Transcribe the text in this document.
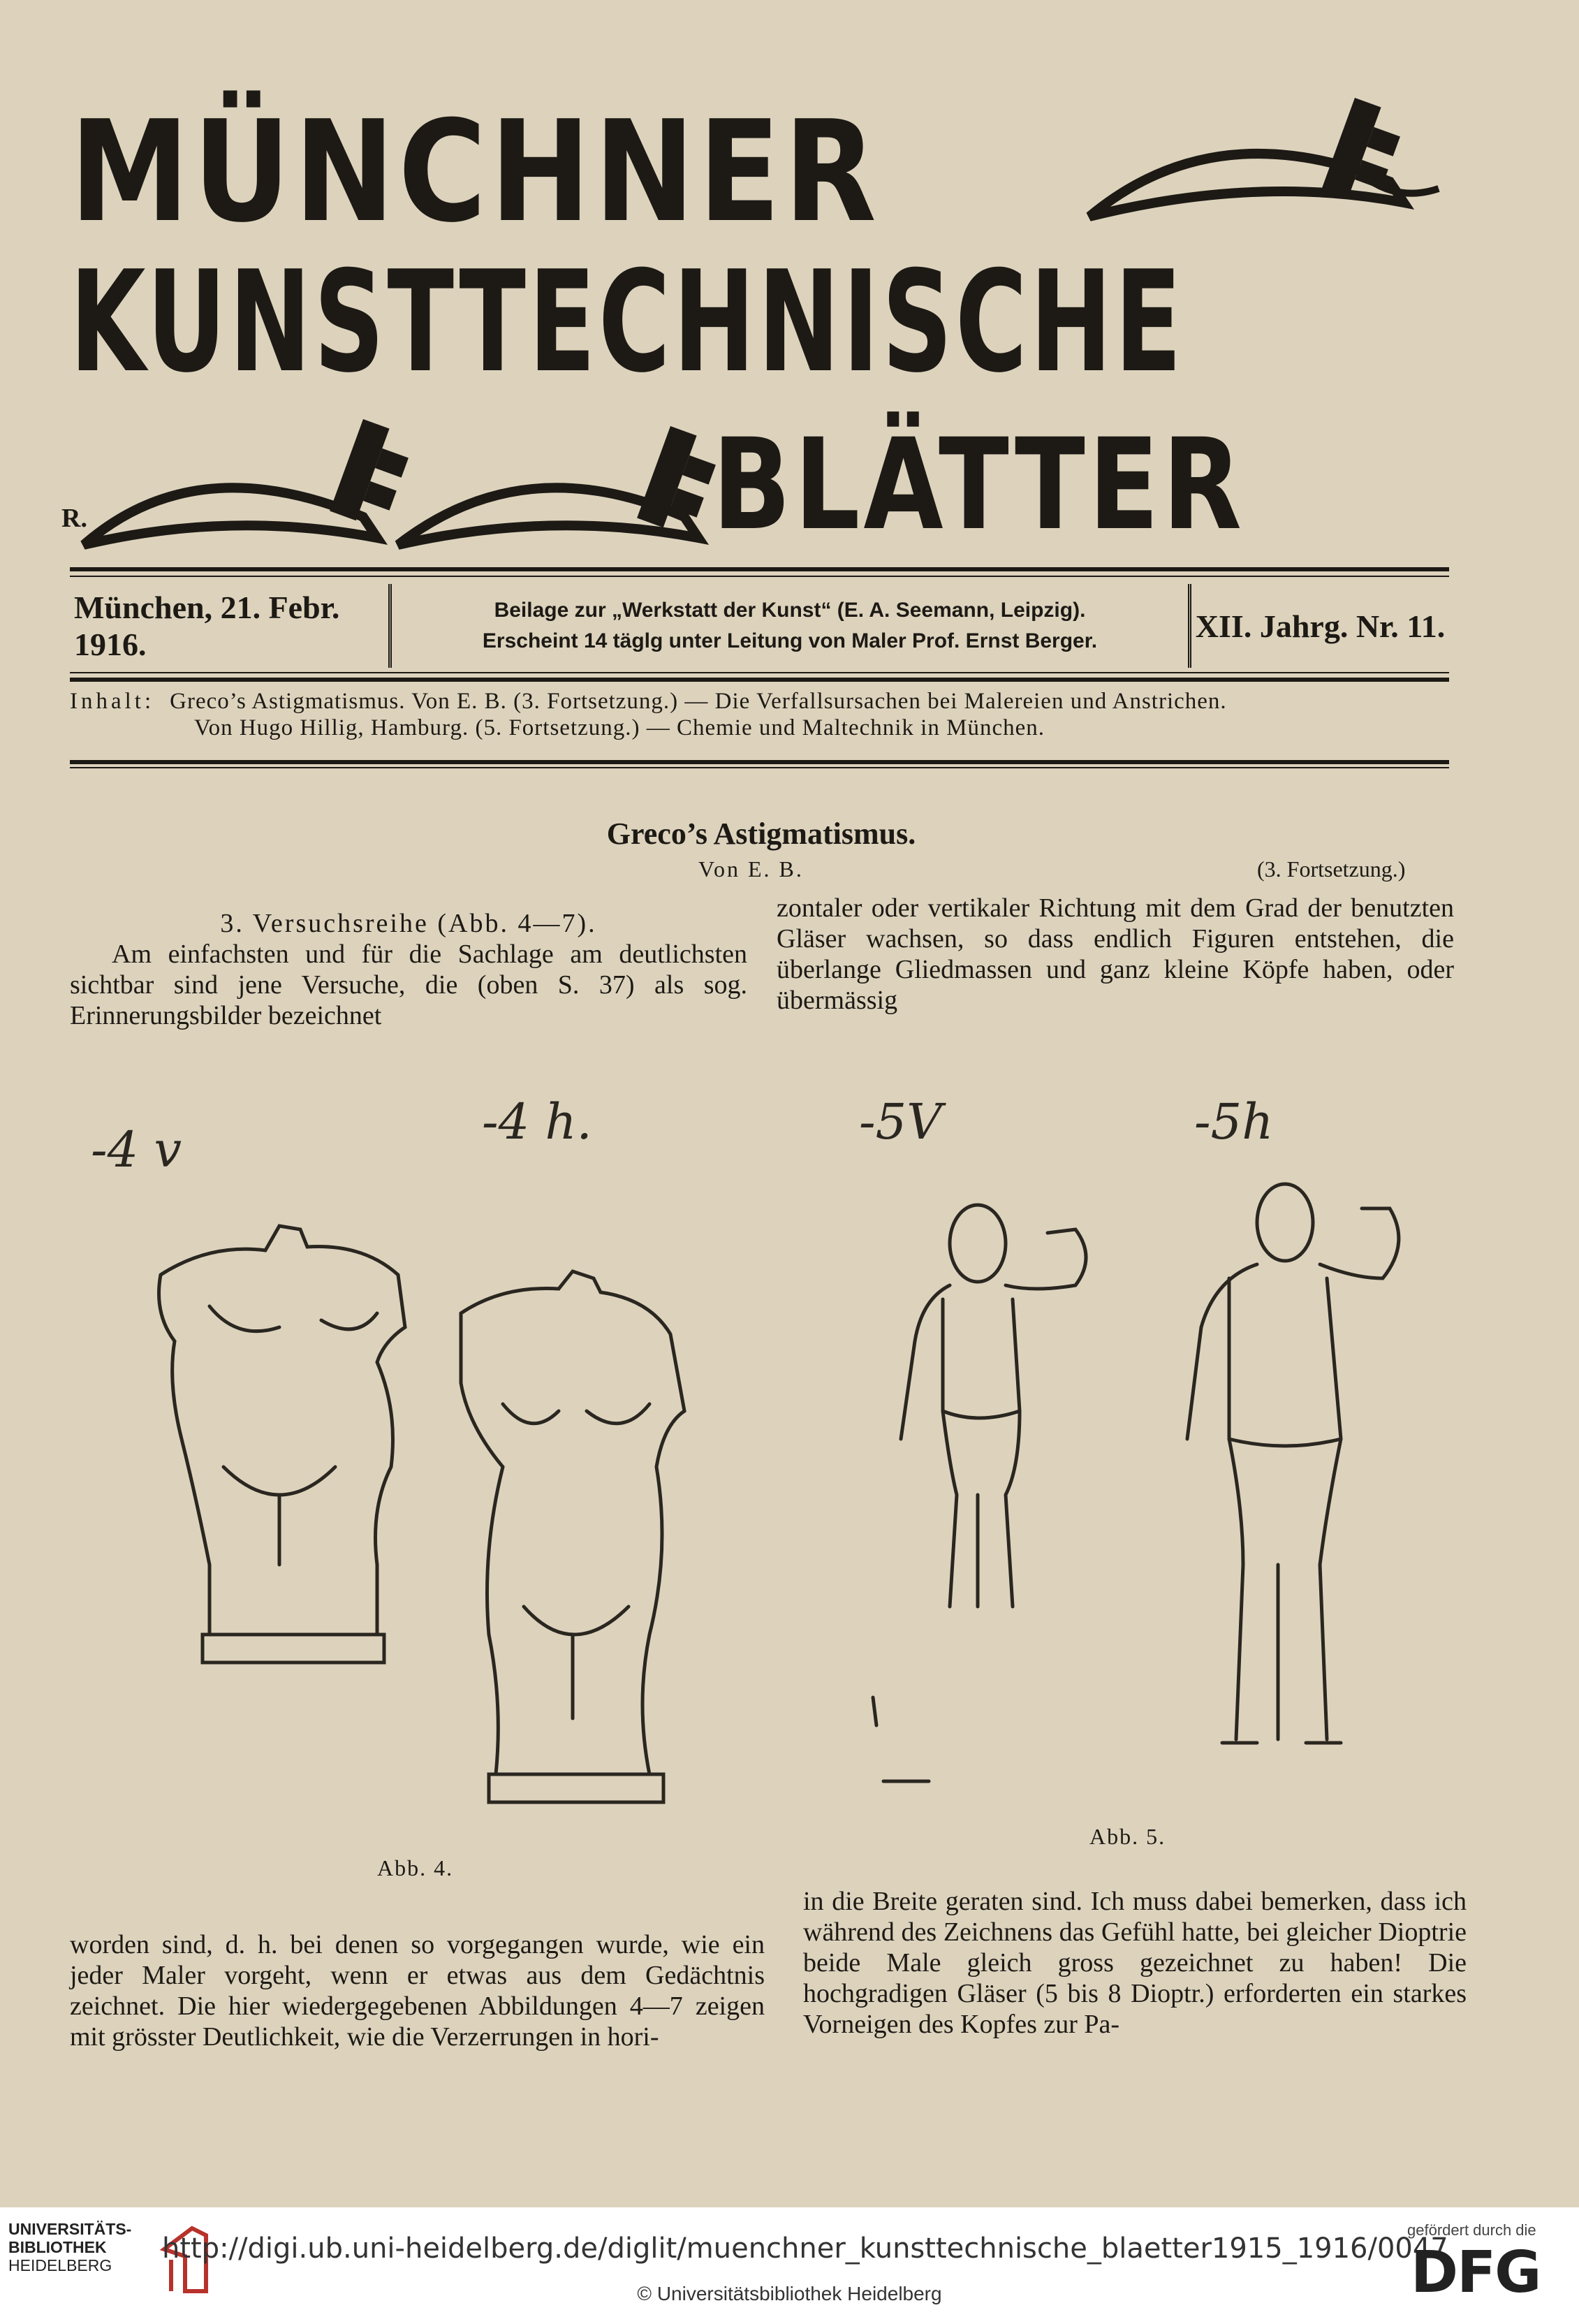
MÜNCHNER
KUNSTTECHNISCHE
BLÄTTER
R.
München, 21. Febr. 1916.
Beilage zur „Werkstatt der Kunst“ (E. A. Seemann, Leipzig).
Erscheint 14 täglg unter Leitung von Maler Prof. Ernst Berger.	XII. Jahrg. Nr. 11.
Inhalt: Greco’s Astigmatismus. Von E. B. (3. Fortsetzung.) — Die Verfallsursachen bei Malereien und Anstrichen.
Von Hugo Hillig, Hamburg. (5. Fortsetzung.) — Chemie und Maltechnik in München.
Greco’s Astigmatismus.
Von E. B.	(3. Fortsetzung.)

3. Versuchsreihe (Abb. 4—7).

Am einfachsten und für die Sachlage am deutlichsten sichtbar sind jene Versuche, die (oben S. 37) als sog. Erinnerungsbilder bezeichnet

zontaler oder vertikaler Richtung mit dem Grad der benutzten Gläser wachsen, so dass endlich Figuren entstehen, die überlange Gliedmassen und ganz kleine Köpfe haben, oder übermässig

-4 v	-4 h.	-5V	-5h
Abb. 4.
Abb. 5.

worden sind, d. h. bei denen so vorgegangen wurde, wie ein jeder Maler vorgeht, wenn er etwas aus dem Gedächtnis zeichnet. Die hier wiedergegebenen Abbildungen 4—7 zeigen mit grösster Deutlichkeit, wie die Verzerrungen in hori-

in die Breite geraten sind. Ich muss dabei bemerken, dass ich während des Zeichnens das Gefühl hatte, bei gleicher Dioptrie beide Male gleich gross gezeichnet zu haben! Die hochgradigen Gläser (5 bis 8 Dioptr.) erforderten ein starkes Vorneigen des Kopfes zur Pa-

UNIVERSITÄTS-
BIBLIOTHEK
HEIDELBERG
http://digi.ub.uni-heidelberg.de/diglit/muenchner_kunsttechnische_blaetter1915_1916/0047
© Universitätsbibliothek Heidelberg
gefördert durch die
DFG
